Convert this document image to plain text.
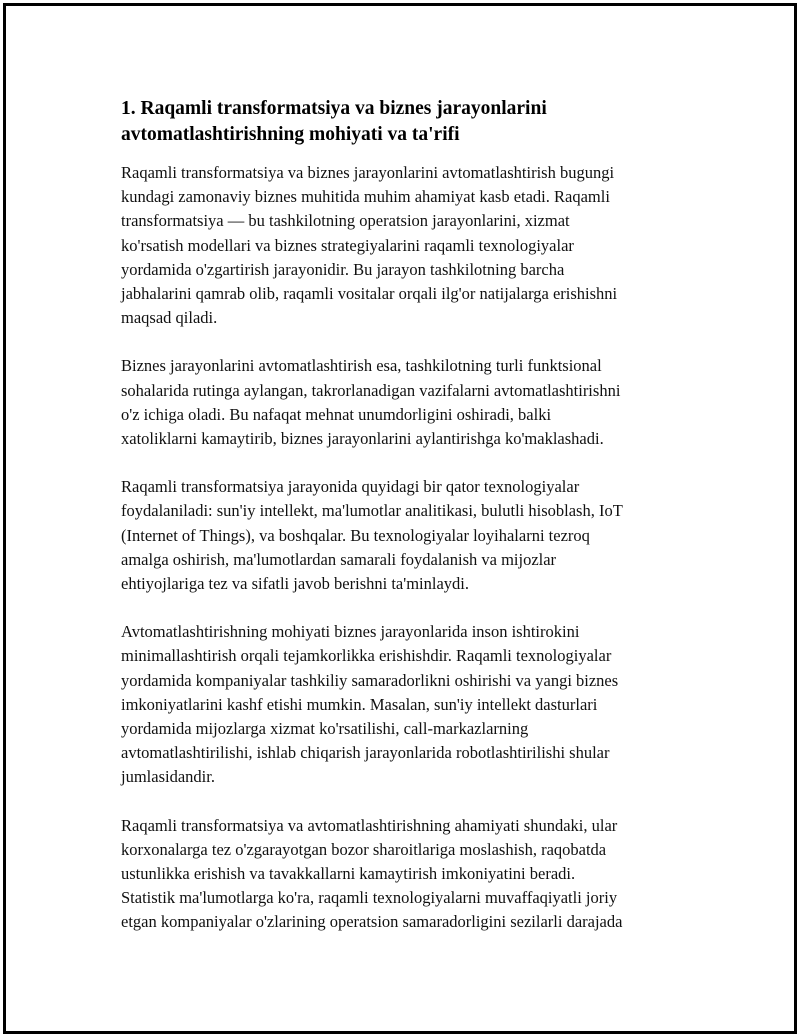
1. Raqamli transformatsiya va biznes jarayonlarini
avtomatlashtirishning mohiyati va ta'rifi

Raqamli transformatsiya va biznes jarayonlarini avtomatlashtirish bugungi
kundagi zamonaviy biznes muhitida muhim ahamiyat kasb etadi. Raqamli
transformatsiya — bu tashkilotning operatsion jarayonlarini, xizmat
ko'rsatish modellari va biznes strategiyalarini raqamli texnologiyalar
yordamida o'zgartirish jarayonidir. Bu jarayon tashkilotning barcha
jabhalarini qamrab olib, raqamli vositalar orqali ilg'or natijalarga erishishni
maqsad qiladi.

Biznes jarayonlarini avtomatlashtirish esa, tashkilotning turli funktsional
sohalarida rutinga aylangan, takrorlanadigan vazifalarni avtomatlashtirishni
o'z ichiga oladi. Bu nafaqat mehnat unumdorligini oshiradi, balki
xatoliklarni kamaytirib, biznes jarayonlarini aylantirishga ko'maklashadi.

Raqamli transformatsiya jarayonida quyidagi bir qator texnologiyalar
foydalaniladi: sun'iy intellekt, ma'lumotlar analitikasi, bulutli hisoblash, IoT
(Internet of Things), va boshqalar. Bu texnologiyalar loyihalarni tezroq
amalga oshirish, ma'lumotlardan samarali foydalanish va mijozlar
ehtiyojlariga tez va sifatli javob berishni ta'minlaydi.

Avtomatlashtirishning mohiyati biznes jarayonlarida inson ishtirokini
minimallashtirish orqali tejamkorlikka erishishdir. Raqamli texnologiyalar
yordamida kompaniyalar tashkiliy samaradorlikni oshirishi va yangi biznes
imkoniyatlarini kashf etishi mumkin. Masalan, sun'iy intellekt dasturlari
yordamida mijozlarga xizmat ko'rsatilishi, call-markazlarning
avtomatlashtirilishi, ishlab chiqarish jarayonlarida robotlashtirilishi shular
jumlasidandir.

Raqamli transformatsiya va avtomatlashtirishning ahamiyati shundaki, ular
korxonalarga tez o'zgarayotgan bozor sharoitlariga moslashish, raqobatda
ustunlikka erishish va tavakkallarni kamaytirish imkoniyatini beradi.
Statistik ma'lumotlarga ko'ra, raqamli texnologiyalarni muvaffaqiyatli joriy
etgan kompaniyalar o'zlarining operatsion samaradorligini sezilarli darajada
